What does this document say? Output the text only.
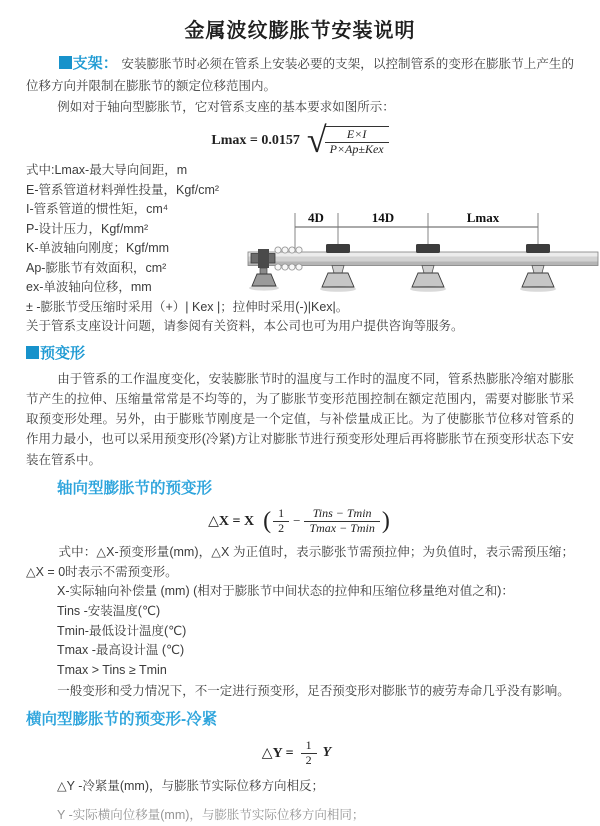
金属波纹膨胀节安装说明

支架： 安装膨胀节时必须在管系上安装必要的支架，以控制管系的变形在膨胀节上产生的位移方向并限制在膨胀节的额定位移范围内。

例如对于轴向型膨胀节，它对管系支座的基本要求如图所示：

Lmax = 0.0157 √
$\frac{E\times I}{\text{P×Ap±Kex}}$
式中:Lmax-最大导向间距，m
E-管系管道材料弹性投量，Kgf/cm²
I-管系管道的惯性矩，cm⁴
P-设计压力，Kgf/mm²
K-单波轴向刚度；Kgf/mm
Ap-膨胀节有效面积，cm²
ex-单波轴向位移，mm
± -膨胀节受压缩时采用（+）| Kex |；拉伸时采用(-)|Kex|。
关于管系支座设计问题，请参阅有关资料，本公司也可为用户提供咨询等服务。

预变形

由于管系的工作温度变化，安装膨胀节时的温度与工作时的温度不同，管系热膨胀冷缩对膨胀节产生的拉伸、压缩量常常是不均等的，为了膨胀节变形范围控制在额定范围内，需要对膨胀节采取预变形处理。另外，由于膨账节刚度是一个定值，与补偿量成正比。为了使膨胀节位移对管系的作用力最小，也可以采用预变形(冷紧)方让对膨胀节进行预变形处理后再将膨胀节在预变形状态下安装在管系中。

轴向型膨胀节的预变形
△X = X ( $\frac{1}{2} - \frac{\text{Tins − Tmin}}{Tmax - Tmin}$ )

式中：△X-预变形量(mm)，△X 为正值时，表示膨张节需预拉伸；为负值时，表示需预压缩；△X = 0时表示不需预变形。

X-实际轴向补偿量 (mm) (相对于膨胀节中间状态的拉伸和压缩位移量绝对值之和)：
Tins -安装温度(℃)
Tmin-最低设计温度(℃)
Tmax -最高设计温 (℃)
Tmax > Tins ≥ Tmin

一般变形和受力情况下，不一定进行预变形，足否预变形对膨胀节的疲劳寿命几乎没有影响。

横向型膨胀节的预变形-冷紧
△Y = $\frac{1}{2}$ Y
△Y -冷紧量(mm)，与膨胀节实际位移方向相反；
Y -实际横向位移量(mm)，与膨胀节实际位移方向相同；
4D	14D	Lmax
